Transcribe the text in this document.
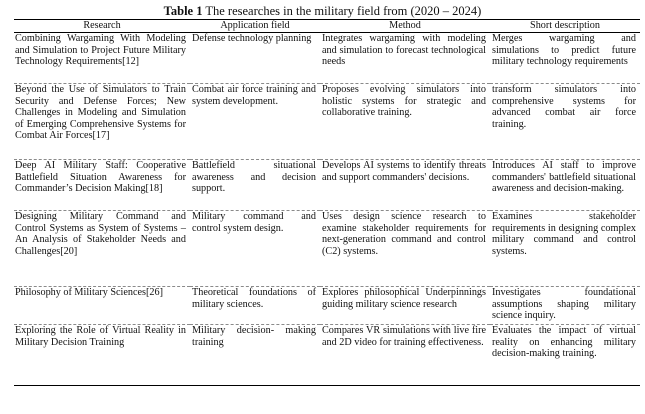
Table 1 The researches in the military field from (2020 – 2024)
Research	Application field	Method	Short description
Combining Wargaming With Modeling and Simulation to Project Future Military Technology Requirements[12]	Defense technology planning	Integrates wargaming with modeling and simulation to forecast technological needs	Merges wargaming and simulations to predict future military technology requirements
Beyond the Use of Simulators to Train Security and Defense Forces; New Challenges in Modeling and Simulation of Emerging Comprehensive Systems for Combat Air Forces[17]	Combat air force training and system development.	Proposes evolving simulators into holistic systems for strategic and collaborative training.	transform simulators into comprehensive systems for advanced combat air force training.
Deep AI Military Staff: Cooperative Battlefield Situation Awareness for Commander’s Decision Making[18]	Battlefield situational awareness and decision support.	Develops AI systems to identify threats and support commanders' decisions.	Introduces AI staff to improve commanders' battlefield situational awareness and decision-making.
Designing Military Command and Control Systems as System of Systems – An Analysis of Stakeholder Needs and Challenges[20]	Military command and control system design.	Uses design science research to examine stakeholder requirements for next-generation command and control (C2) systems.	Examines stakeholder requirements in designing complex military command and control systems.
Philosophy of Military Sciences[26]	Theoretical foundations of military sciences.	Explores philosophical Underpinnings guiding military science research	Investigates foundational assumptions shaping military science inquiry.
Exploring the Role of Virtual Reality in Military Decision Training	Military decision- making training	Compares VR simulations with live fire and 2D video for training effectiveness.	Evaluates the impact of virtual reality on enhancing military decision-making training.
